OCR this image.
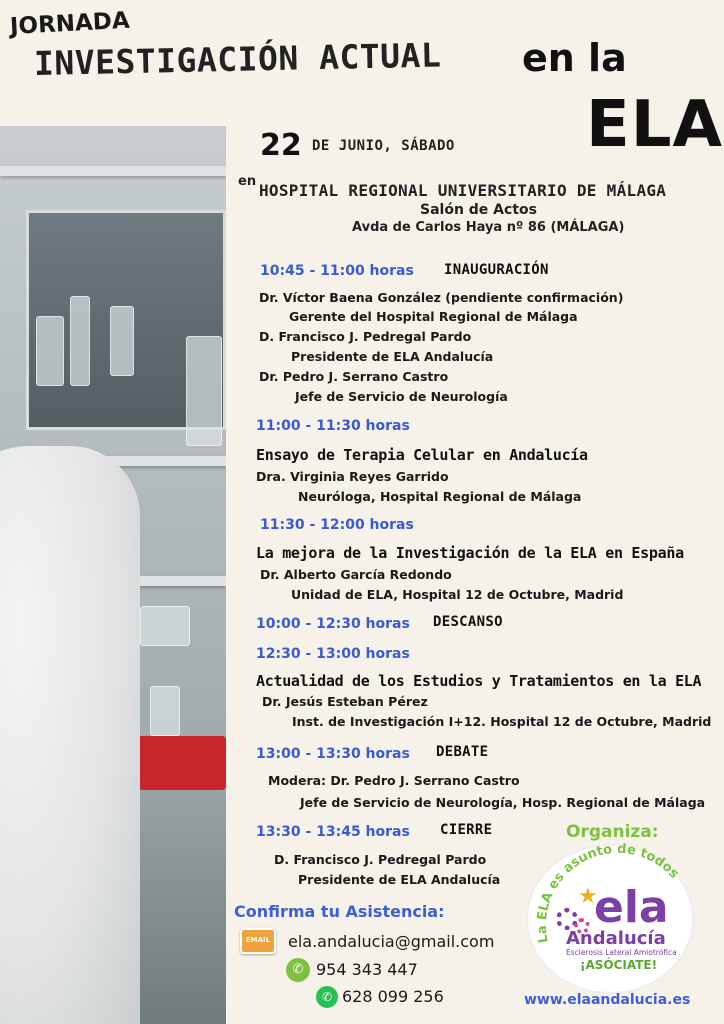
JORNADA
INVESTIGACIÓN ACTUAL en la
ELA
22 DE JUNIO, SÁBADO
en HOSPITAL REGIONAL UNIVERSITARIO DE MÁLAGA
Salón de Actos
Avda de Carlos Haya nº 86 (MÁLAGA)
10:45 - 11:00 horas INAUGURACIÓN
Dr. Víctor Baena González (pendiente confirmación)
Gerente del Hospital Regional de Málaga
D. Francisco J. Pedregal Pardo
Presidente de ELA Andalucía
Dr. Pedro J. Serrano Castro
Jefe de Servicio de Neurología
11:00 - 11:30 horas
Ensayo de Terapia Celular en Andalucía
Dra. Virginia Reyes Garrido
Neuróloga, Hospital Regional de Málaga
11:30 - 12:00 horas
La mejora de la Investigación de la ELA en España
Dr. Alberto García Redondo
Unidad de ELA, Hospital 12 de Octubre, Madrid
10:00 - 12:30 horas DESCANSO
12:30 - 13:00 horas
Actualidad de los Estudios y Tratamientos en la ELA
Dr. Jesús Esteban Pérez
Inst. de Investigación I+12. Hospital 12 de Octubre, Madrid
13:00 - 13:30 horas DEBATE
Modera: Dr. Pedro J. Serrano Castro
Jefe de Servicio de Neurología, Hosp. Regional de Málaga
13:30 - 13:45 horas CIERRE
D. Francisco J. Pedregal Pardo
Presidente de ELA Andalucía
Confirma tu Asistencia:
EMAIL ela.andalucia@gmail.com
✆ 954 343 447
✆ 628 099 256
Organiza:
La ELA es asunto de todos
★
ela
Andalucía
Esclerosis Lateral Amiotrófica
¡ASÓCIATE!
www.elaandalucia.es
